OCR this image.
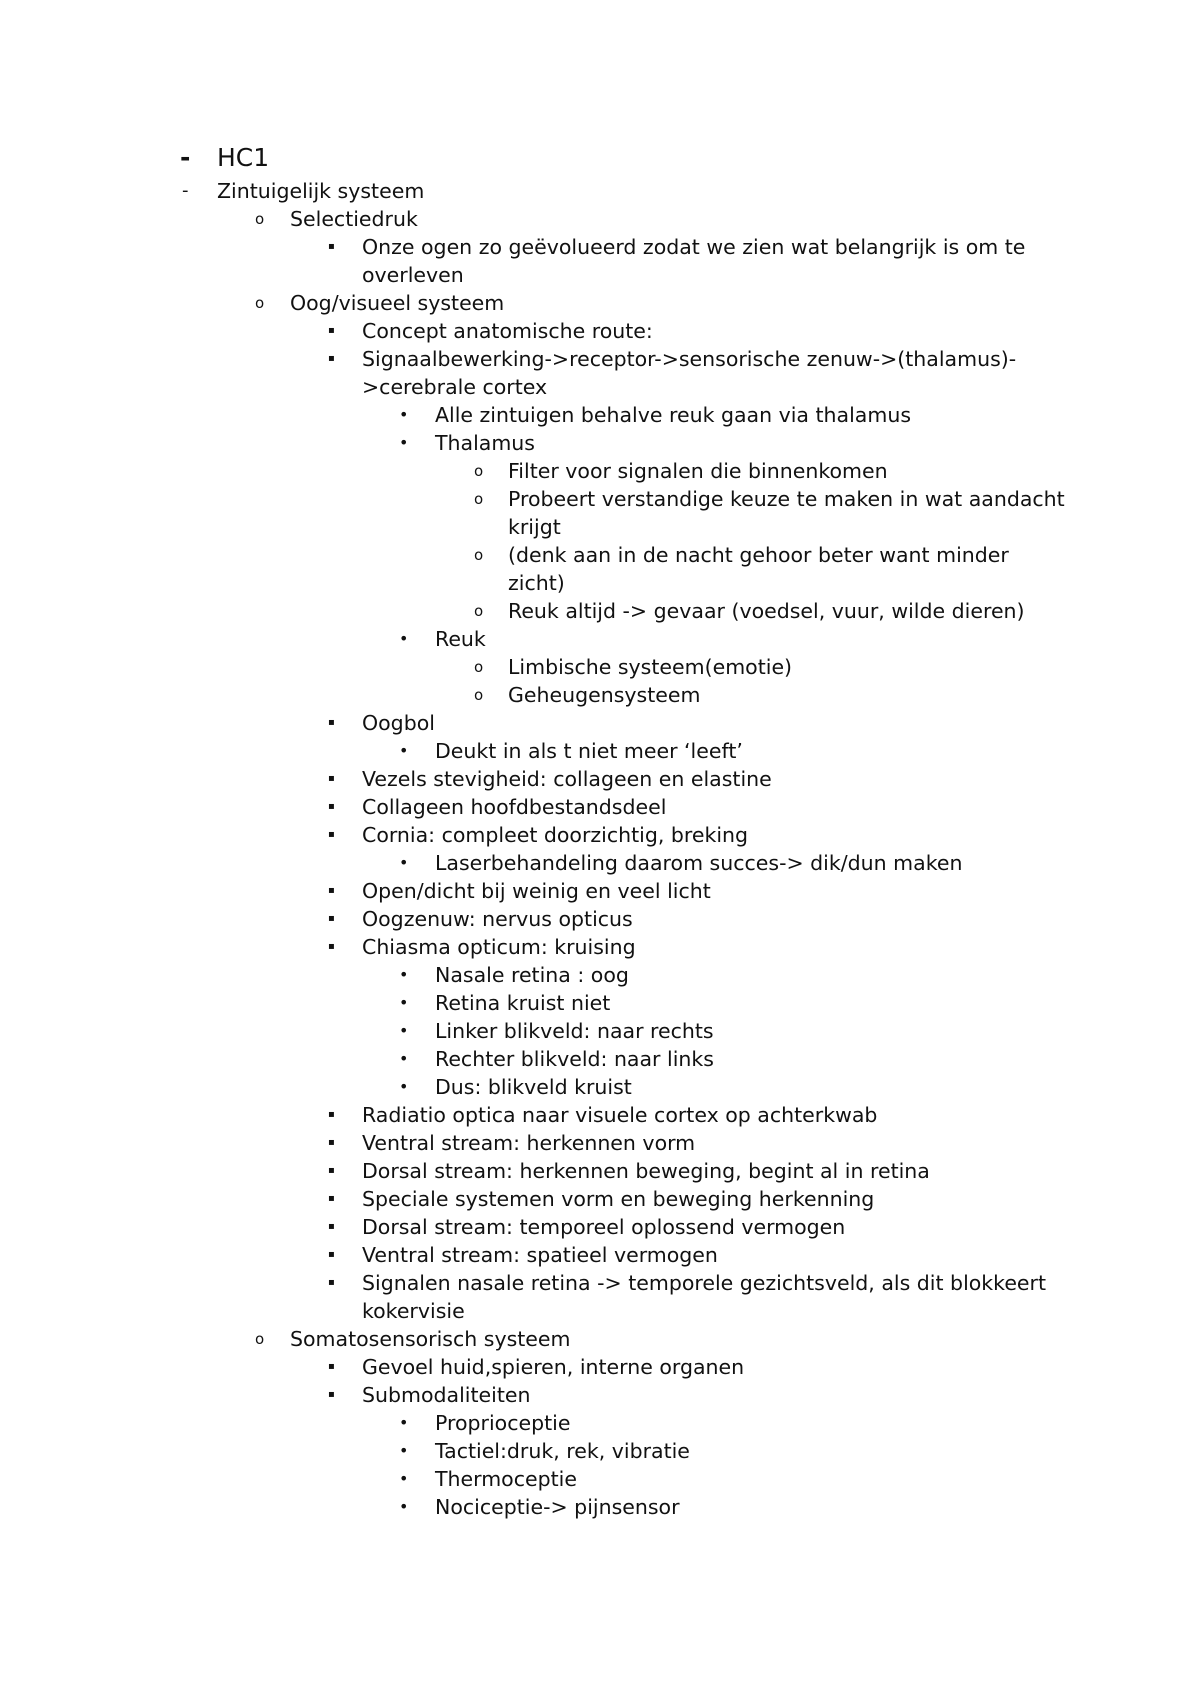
- HC1
-	Zintuigelijk systeem
o	Selectiedruk
▪	Onze ogen zo geëvolueerd zodat we zien wat belangrijk is om te overleven
o	Oog/visueel systeem
▪	Concept anatomische route:
▪	Signaalbewerking->receptor->sensorische zenuw->(thalamus)->cerebrale cortex
•	Alle zintuigen behalve reuk gaan via thalamus
•	Thalamus
o	Filter voor signalen die binnenkomen
o	Probeert verstandige keuze te maken in wat aandacht krijgt
o	(denk aan in de nacht gehoor beter want minder zicht)
o	Reuk altijd -> gevaar (voedsel, vuur, wilde dieren)
•	Reuk
o	Limbische systeem(emotie)
o	Geheugensysteem
▪	Oogbol
•	Deukt in als t niet meer ‘leeft’
▪	Vezels stevigheid: collageen en elastine
▪	Collageen hoofdbestandsdeel
▪	Cornia: compleet doorzichtig, breking
•	Laserbehandeling daarom succes-> dik/dun maken
▪	Open/dicht bij weinig en veel licht
▪	Oogzenuw: nervus opticus
▪	Chiasma opticum: kruising
•	Nasale retina : oog
•	Retina kruist niet
•	Linker blikveld: naar rechts
•	Rechter blikveld: naar links
•	Dus: blikveld kruist
▪	Radiatio optica naar visuele cortex op achterkwab
▪	Ventral stream: herkennen vorm
▪	Dorsal stream: herkennen beweging, begint al in retina
▪	Speciale systemen vorm en beweging herkenning
▪	Dorsal stream: temporeel oplossend vermogen
▪	Ventral stream: spatieel vermogen
▪	Signalen nasale retina -> temporele gezichtsveld, als dit blokkeert kokervisie
o	Somatosensorisch systeem
▪	Gevoel huid,spieren, interne organen
▪	Submodaliteiten
•	Proprioceptie
•	Tactiel:druk, rek, vibratie
•	Thermoceptie
•	Nociceptie-> pijnsensor
